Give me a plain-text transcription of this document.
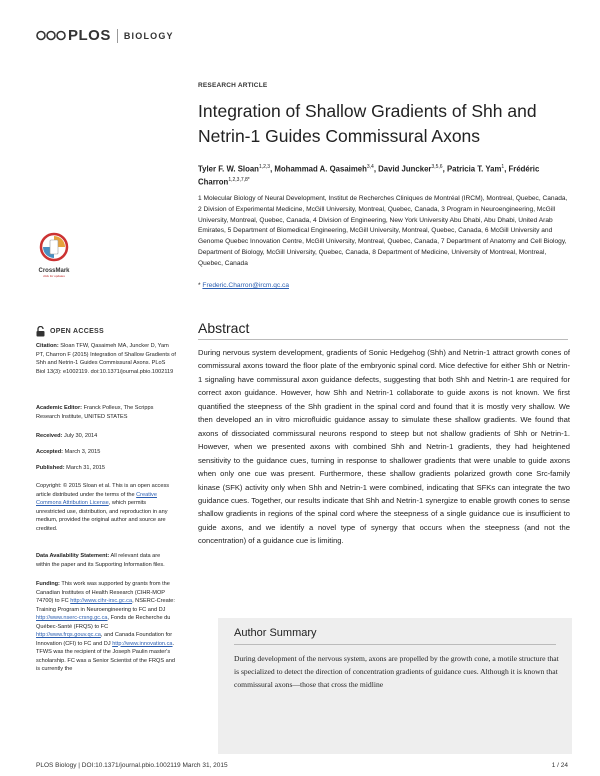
PLOS BIOLOGY
RESEARCH ARTICLE
Integration of Shallow Gradients of Shh and Netrin-1 Guides Commissural Axons
Tyler F. W. Sloan$^{1,2,3}$, Mohammad A. Qasaimeh$^{3,4}$, David Juncker$^{3,5,6}$, Patricia T. Yam$^1$, Frédéric Charron$^{1,2,3,7,8*}$
1 Molecular Biology of Neural Development, Institut de Recherches Cliniques de Montréal (IRCM), Montreal, Quebec, Canada, 2 Division of Experimental Medicine, McGill University, Montreal, Quebec, Canada, 3 Program in Neuroengineering, McGill University, Montreal, Quebec, Canada, 4 Division of Engineering, New York University Abu Dhabi, Abu Dhabi, United Arab Emirates, 5 Department of Biomedical Engineering, McGill University, Montreal, Quebec, Canada, 6 McGill University and Genome Quebec Innovation Centre, McGill University, Montreal, Quebec, Canada, 7 Department of Anatomy and Cell Biology, Department of Biology, McGill University, Quebec, Canada, 8 Department of Medicine, University of Montreal, Montreal, Quebec, Canada
* Frederic.Charron@ircm.qc.ca
CrossMark
click for updates
OPEN ACCESS
Citation: Sloan TFW, Qasaimeh MA, Juncker D, Yam PT, Charron F (2015) Integration of Shallow Gradients of Shh and Netrin-1 Guides Commissural Axons. PLoS Biol 13(3): e1002119. doi:10.1371/journal.pbio.1002119
Academic Editor: Franck Polleux, The Scripps Research Institute, UNITED STATES
Received: July 30, 2014
Accepted: March 3, 2015
Published: March 31, 2015
Copyright: © 2015 Sloan et al. This is an open access article distributed under the terms of the Creative Commons Attribution License, which permits unrestricted use, distribution, and reproduction in any medium, provided the original author and source are credited.
Data Availability Statement: All relevant data are within the paper and its Supporting Information files.
Funding: This work was supported by grants from the Canadian Institutes of Health Research (CIHR-MOP 74700) to FC http://www.cihr-irsc.gc.ca, NSERC-Create: Training Program in Neuroengineering to FC and DJ http://www.nserc-crsng.gc.ca, Fonds de Recherche du Québec-Santé (FRQS) to FC http://www.frqs.gouv.qc.ca, and Canada Foundation for Innovation (CFI) to FC and DJ http://www.innovation.ca. TFWS was the recipient of the Joseph Paulin master's scholarship. FC was a Senior Scientist of the FRQS and is currently the
Abstract

During nervous system development, gradients of Sonic Hedgehog (Shh) and Netrin-1 attract growth cones of commissural axons toward the floor plate of the embryonic spinal cord. Mice defective for either Shh or Netrin-1 signaling have commissural axon guidance defects, suggesting that both Shh and Netrin-1 are required for correct axon guidance. However, how Shh and Netrin-1 collaborate to guide axons is not known. We first quantified the steepness of the Shh gradient in the spinal cord and found that it is mostly very shallow. We then developed an in vitro microfluidic guidance assay to simulate these shallow gradients. We found that axons of dissociated commissural neurons respond to steep but not shallow gradients of Shh or Netrin-1. However, when we presented axons with combined Shh and Netrin-1 gradients, they had heightened sensitivity to the guidance cues, turning in response to shallower gradients that were unable to guide axons when only one cue was present. Furthermore, these shallow gradients polarized growth cone Src-family kinase (SFK) activity only when Shh and Netrin-1 were combined, indicating that SFKs can integrate the two guidance cues. Together, our results indicate that Shh and Netrin-1 synergize to enable growth cones to sense shallow gradients in regions of the spinal cord where the steepness of a single guidance cue is insufficient to guide axons, and we identify a novel type of synergy that occurs when the steepness (and not the concentration) of a guidance cue is limiting.

Author Summary

During development of the nervous system, axons are propelled by the growth cone, a motile structure that is specialized to detect the direction of concentration gradients of guidance cues. Although it is known that commissural axons—those that cross the midline

PLOS Biology | DOI:10.1371/journal.pbio.1002119 March 31, 2015	1 / 24
